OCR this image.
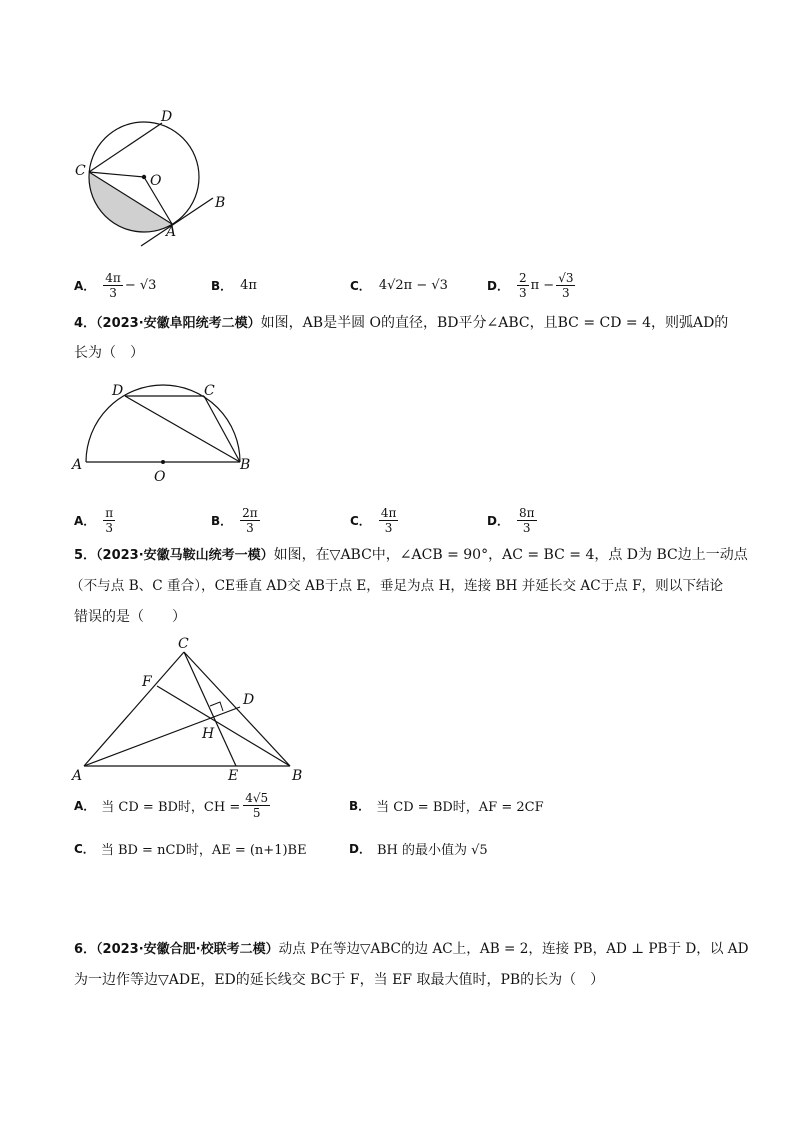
D
C
O
B
A
A． $\frac{4\pi}{3} - √3$	B． 4π	C． 4√2π − √3	D． $\frac{2}{3}$ $\pi - \frac{√3}{3}$
4．（2023·安徽阜阳统考二模）如图，AB是半圆 O的直径，BD平分∠ABC，且BC = CD = 4，则弧AD的
长为（　）
D	C
A
O
B
A． $\frac{\pi}{3}$	B． $\frac{2\pi}{3}$	C． $\frac{4\pi}{3}$	D． $\frac{8\pi}{3}$
5．（2023·安徽马鞍山统考一模）如图，在▽ABC中，∠ACB = 90°，AC = BC = 4，点 D为 BC边上一动点
（不与点 B、C 重合），CE垂直 AD交 AB于点 E，垂足为点 H，连接 BH 并延长交 AC于点 F，则以下结论
错误的是（　　）
C
F
D
H
A	E	B
A． 当 CD = BD时，CH = $\frac{4√5}{5}$	B． 当 CD = BD时，AF = 2CF
C． 当 BD = nCD时，AE = (n+1)BE	D． BH 的最小值为 √5
6．（2023·安徽合肥·校联考二模）动点 P在等边▽ABC的边 AC上，AB = 2，连接 PB，AD ⊥ PB于 D，以 AD
为一边作等边▽ADE，ED的延长线交 BC于 F，当 EF 取最大值时，PB的长为（　）
